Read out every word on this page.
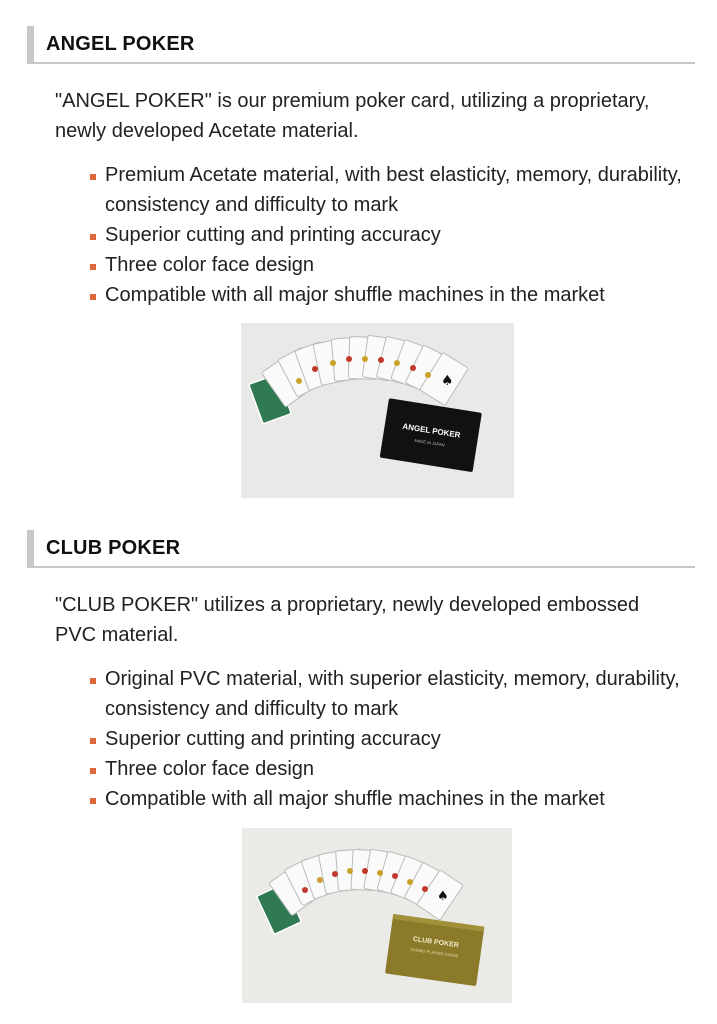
ANGEL POKER
"ANGEL POKER" is our premium poker card, utilizing a proprietary, newly developed Acetate material.
Premium Acetate material, with best elasticity, memory, durability, consistency and difficulty to mark
Superior cutting and printing accuracy
Three color face design
Compatible with all major shuffle machines in the market
♠
ANGEL POKER
MADE IN JAPAN
CLUB POKER
"CLUB POKER" utilizes a proprietary, newly developed embossed PVC material.
Original PVC material, with superior elasticity, memory, durability, consistency and difficulty to mark
Superior cutting and printing accuracy
Three color face design
Compatible with all major shuffle machines in the market
♠
CLUB POKER
CASINO PLAYING CARDS
